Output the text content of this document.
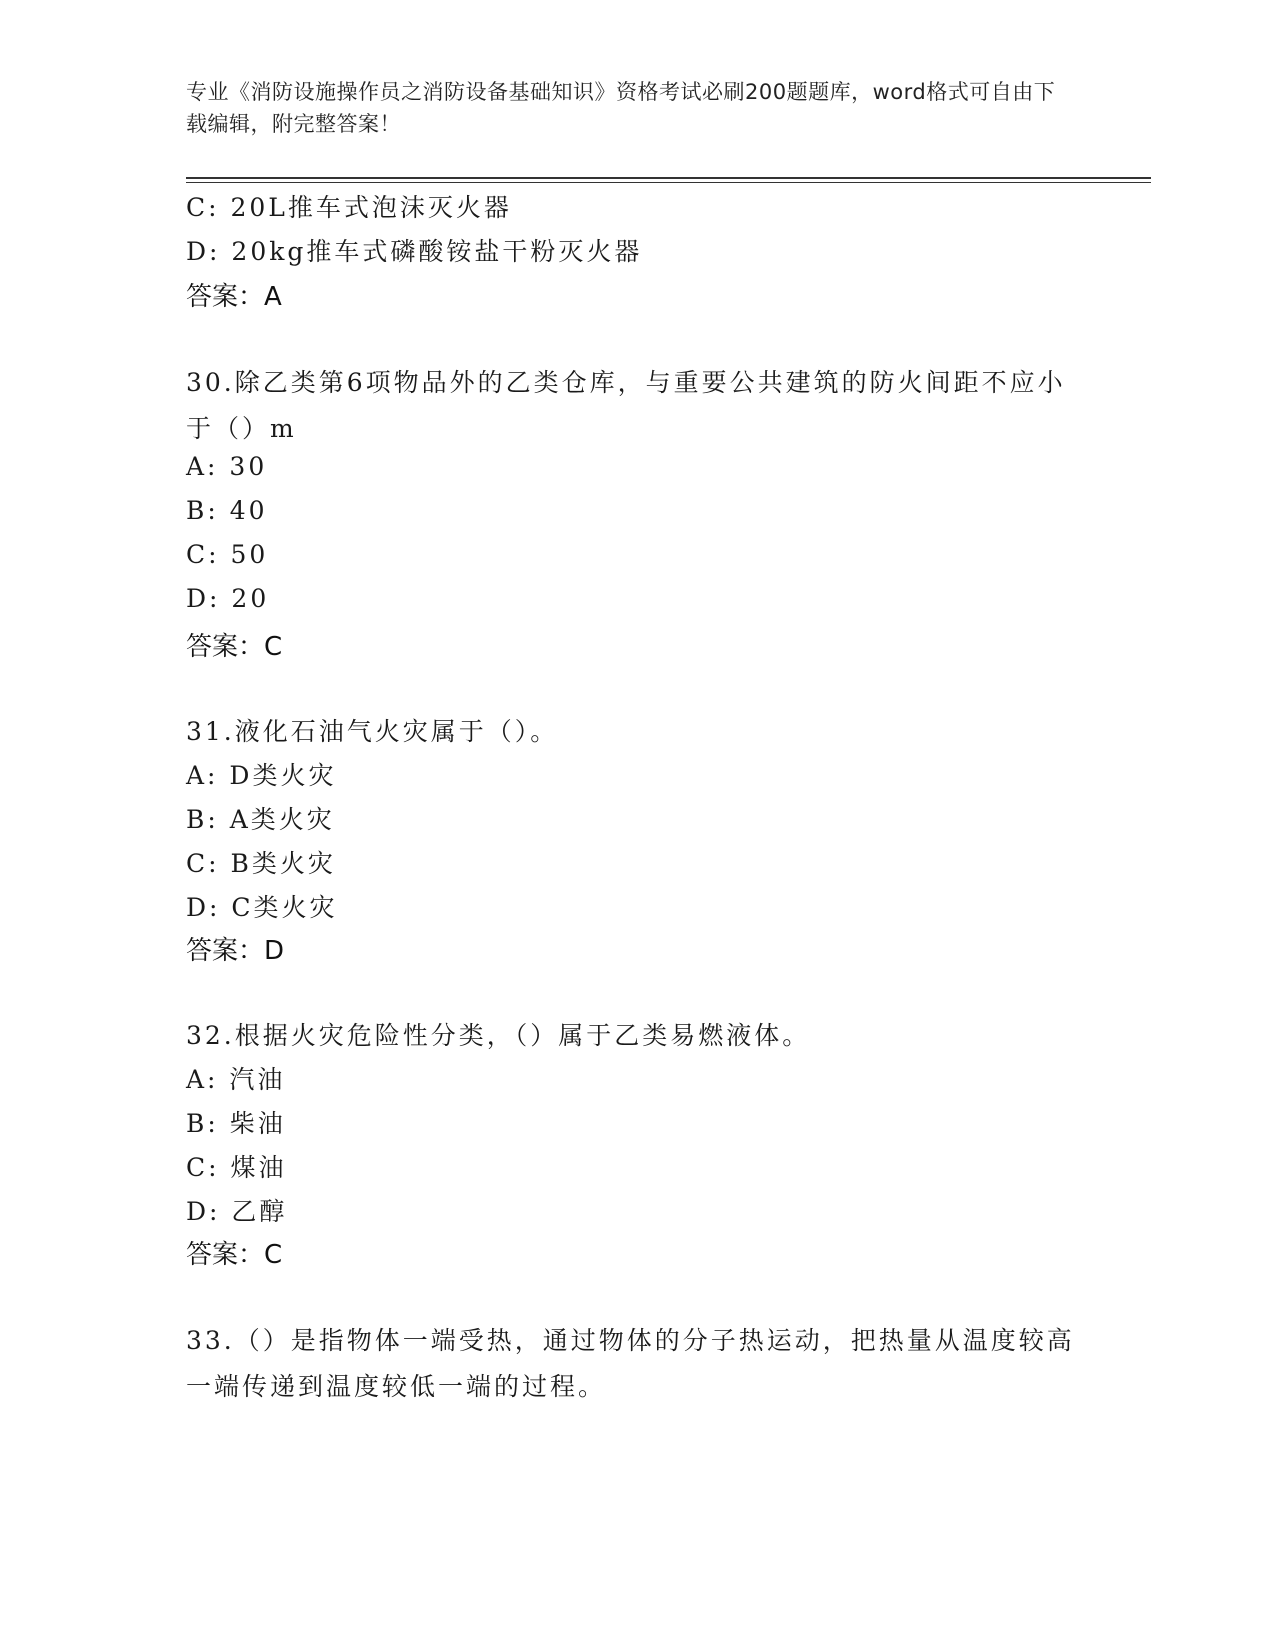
专业《消防设施操作员之消防设备基础知识》资格考试必刷200题题库，word格式可自由下载编辑，附完整答案！
C: 20L推车式泡沫灭火器
D: 20kg推车式磷酸铵盐干粉灭火器
答案：A
30.除乙类第6项物品外的乙类仓库，与重要公共建筑的防火间距不应小于（）m
A: 30
B: 40
C: 50
D: 20
答案：C
31.液化石油气火灾属于（）。
A: D类火灾
B: A类火灾
C: B类火灾
D: C类火灾
答案：D
32.根据火灾危险性分类，（）属于乙类易燃液体。
A: 汽油
B: 柴油
C: 煤油
D: 乙醇
答案：C
33.（）是指物体一端受热，通过物体的分子热运动，把热量从温度较高一端传递到温度较低一端的过程。
